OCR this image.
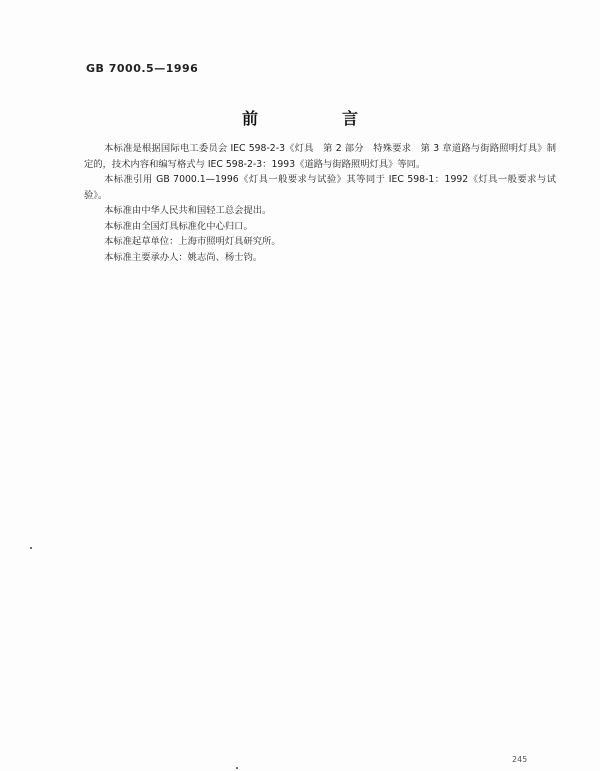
GB 7000.5—1996
前　言

本标准是根据国际电工委员会 IEC 598-2-3《灯具　第 2 部分　特殊要求　第 3 章道路与街路照明灯具》制定的，技术内容和编写格式与 IEC 598-2-3：1993《道路与街路照明灯具》等同。

本标准引用 GB 7000.1—1996《灯具一般要求与试验》其等同于 IEC 598-1：1992《灯具一般要求与试验》。

本标准由中华人民共和国轻工总会提出。

本标准由全国灯具标准化中心归口。

本标准起草单位：上海市照明灯具研究所。

本标准主要承办人：姚志尚、杨士钧。

245
